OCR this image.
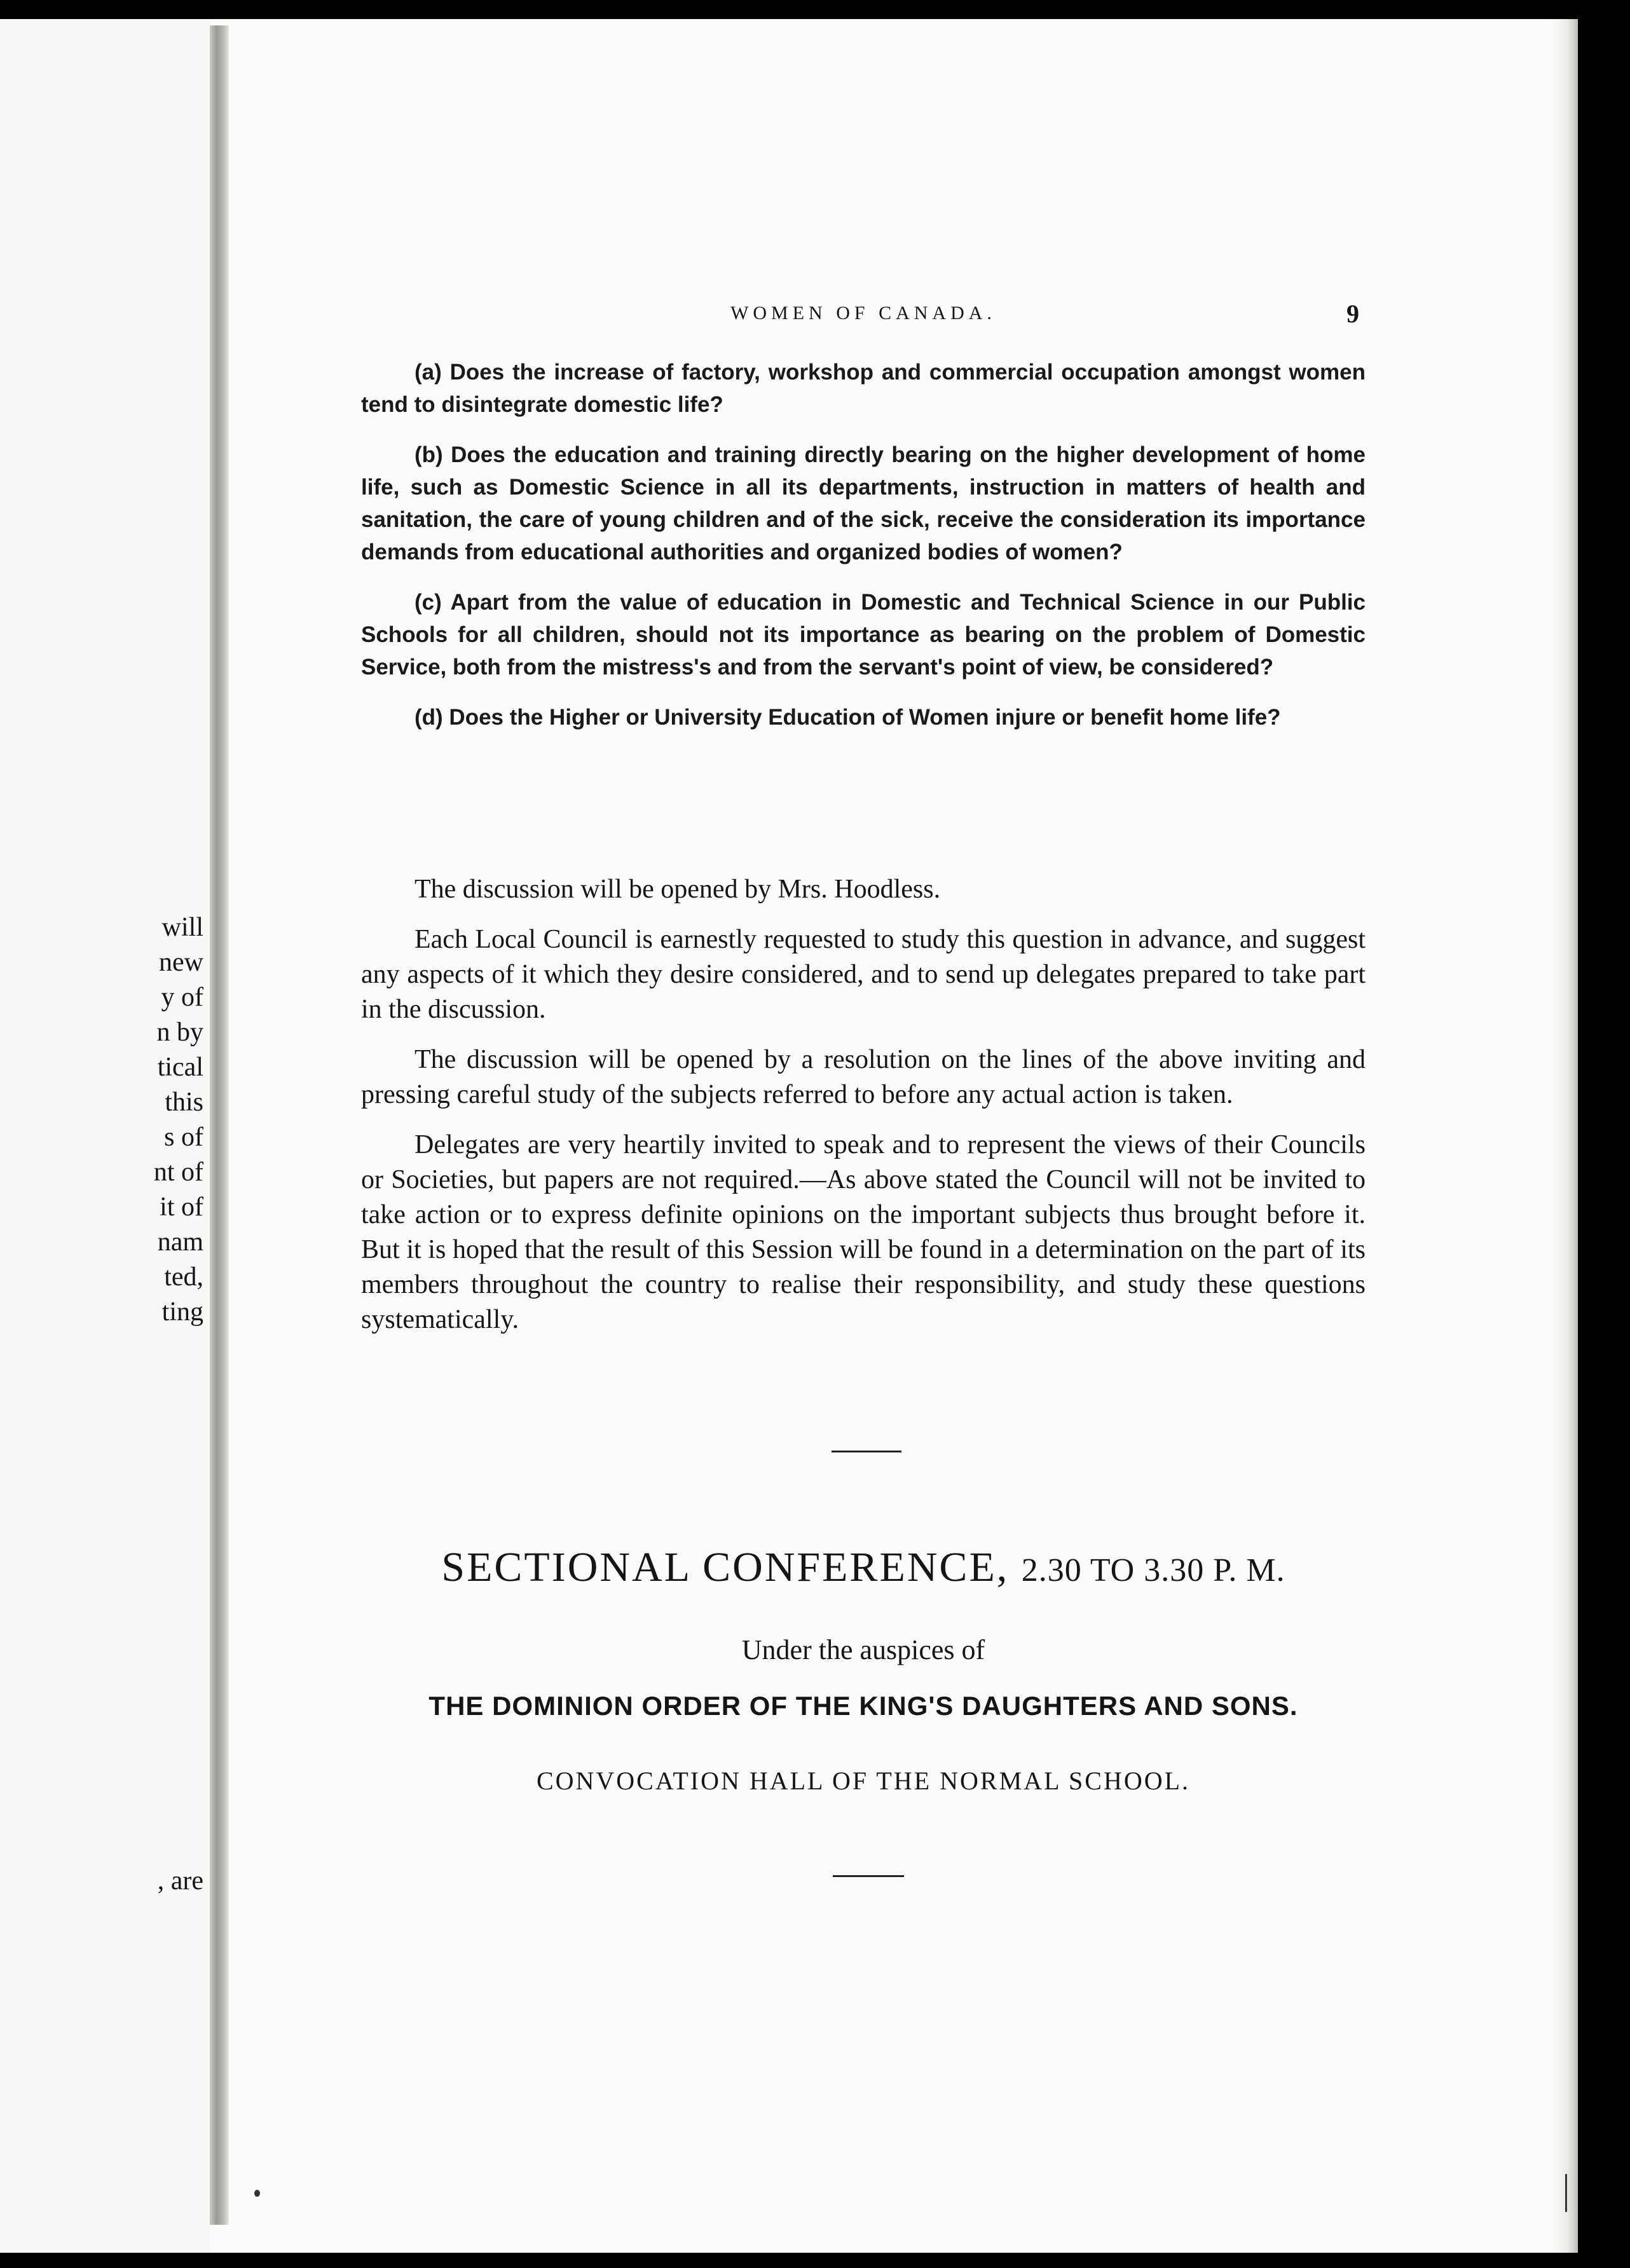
will
new
y of
n by
tical
this
s of
nt of
it of
nam
ted,
ting
, are
WOMEN OF CANADA.	9

(a) Does the increase of factory, workshop and commercial occupation amongst women tend to disintegrate domestic life?

(b) Does the education and training directly bearing on the higher development of home life, such as Domestic Science in all its departments, instruction in matters of health and sanitation, the care of young children and of the sick, receive the consideration its importance demands from educational authorities and organized bodies of women?

(c) Apart from the value of education in Domestic and Technical Science in our Public Schools for all children, should not its importance as bearing on the problem of Domestic Service, both from the mistress's and from the servant's point of view, be considered?

(d) Does the Higher or University Education of Women injure or benefit home life?

The discussion will be opened by Mrs. Hoodless.

Each Local Council is earnestly requested to study this question in advance, and suggest any aspects of it which they desire considered, and to send up delegates prepared to take part in the discussion.

The discussion will be opened by a resolution on the lines of the above inviting and pressing careful study of the subjects referred to before any actual action is taken.

Delegates are very heartily invited to speak and to represent the views of their Councils or Societies, but papers are not required.—As above stated the Council will not be invited to take action or to express definite opinions on the important subjects thus brought before it. But it is hoped that the result of this Session will be found in a determination on the part of its members throughout the country to realise their responsibility, and study these questions systematically.

SECTIONAL CONFERENCE, 2.30 TO 3.30 P. M.
Under the auspices of
THE DOMINION ORDER OF THE KING'S DAUGHTERS AND SONS.
CONVOCATION HALL OF THE NORMAL SCHOOL.
